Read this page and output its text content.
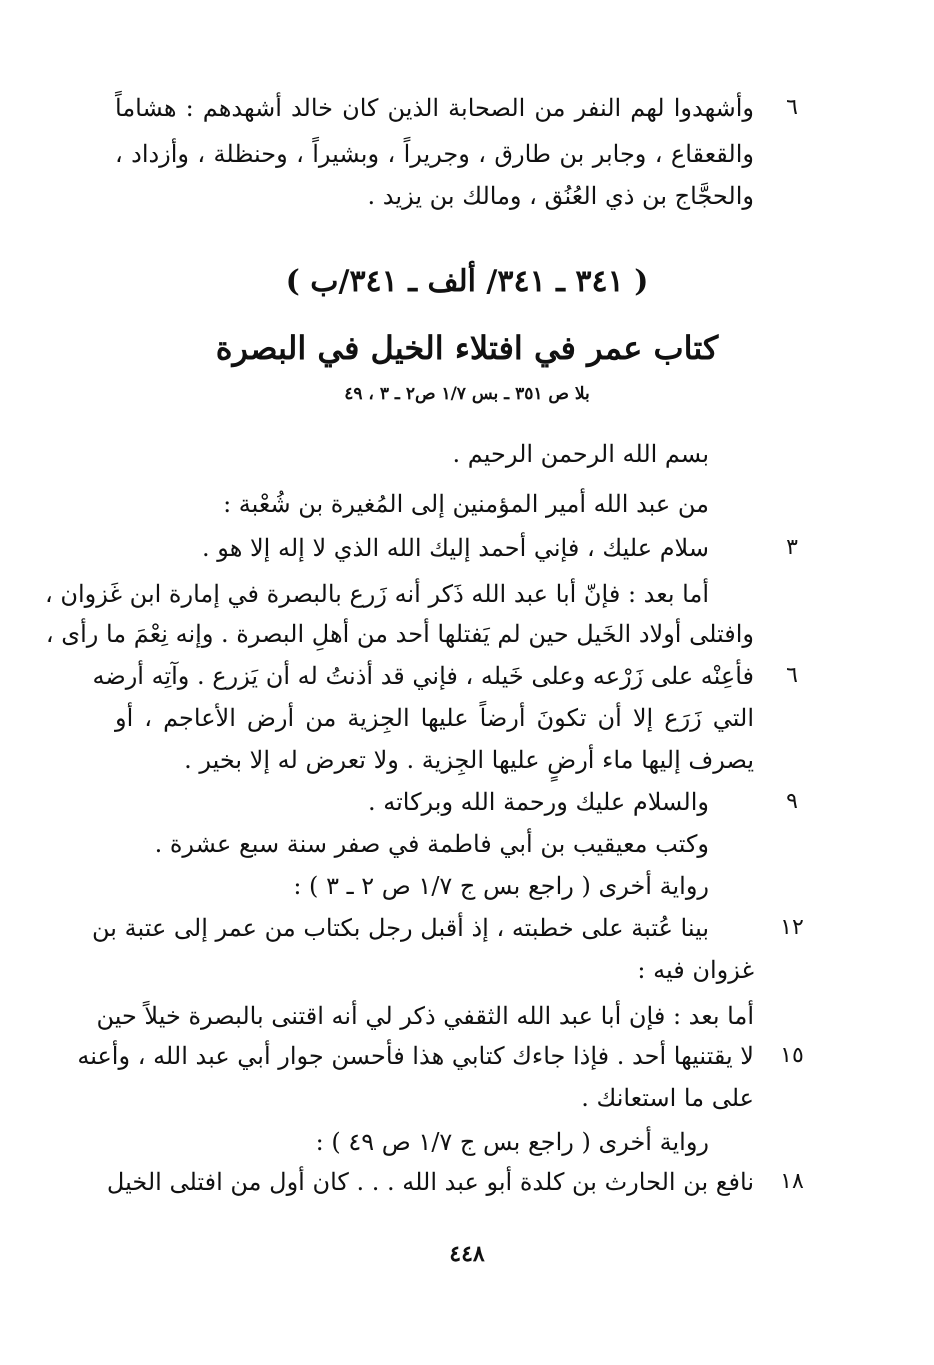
٦
وأشهدوا لهم النفر من الصحابة الذين كان خالد أشهدهم : هشاماً
والقعقاع ، وجابر بن طارق ، وجريراً ، وبشيراً ، وحنظلة ، وأزداد ،
والحجَّاج بن ذي العُنُق ، ومالك بن يزيد .
( ٣٤١ ـ ٣٤١/ ألف ـ ٣٤١/ب )
كتاب عمر في افتلاء الخيل في البصرة
بلا ص ٣٥١ ـ بس ١/٧ ص٢ ـ ٣ ، ٤٩
بسم الله الرحمن الرحيم .
من عبد الله أمير المؤمنين إلى المُغيرة بن شُعْبة :
٣
سلام عليك ، فإني أحمد إليك الله الذي لا إله إلا هو .
أما بعد : فإنّ أبا عبد الله ذَكر أنه زَرع بالبصرة في إمارة ابن غَزوان ،
وافتلى أولاد الخَيل حين لم يَفتلها أحد من أهلِ البصرة . وإنه نِعْمَ ما رأى ،
٦
فأعِنْه على زَرْعه وعلى خَيله ، فإني قد أذنتُ له أن يَزرع . وآتِه أرضه
التي زَرَع إلا أن تكونَ أرضاً عليها الجِزية من أرض الأعاجم ، أو
يصرف إليها ماء أرضٍ عليها الجِزية . ولا تعرض له إلا بخير .
٩
والسلام عليك ورحمة الله وبركاته .
وكتب معيقيب بن أبي فاطمة في صفر سنة سبع عشرة .
رواية أخرى ( راجع بس ج ١/٧ ص ٢ ـ ٣ ) :
١٢
بينا عُتبة على خطبته ، إذ أقبل رجل بكتاب من عمر إلى عتبة بن
غزوان فيه :
أما بعد : فإن أبا عبد الله الثقفي ذكر لي أنه اقتنى بالبصرة خيلاً حين
١٥
لا يقتنيها أحد . فإذا جاءك كتابي هذا فأحسن جوار أبي عبد الله ، وأعنه
على ما استعانك .
رواية أخرى ( راجع بس ج ١/٧ ص ٤٩ ) :
١٨
نافع بن الحارث بن كلدة أبو عبد الله . . . كان أول من افتلى الخيل
٤٤٨
